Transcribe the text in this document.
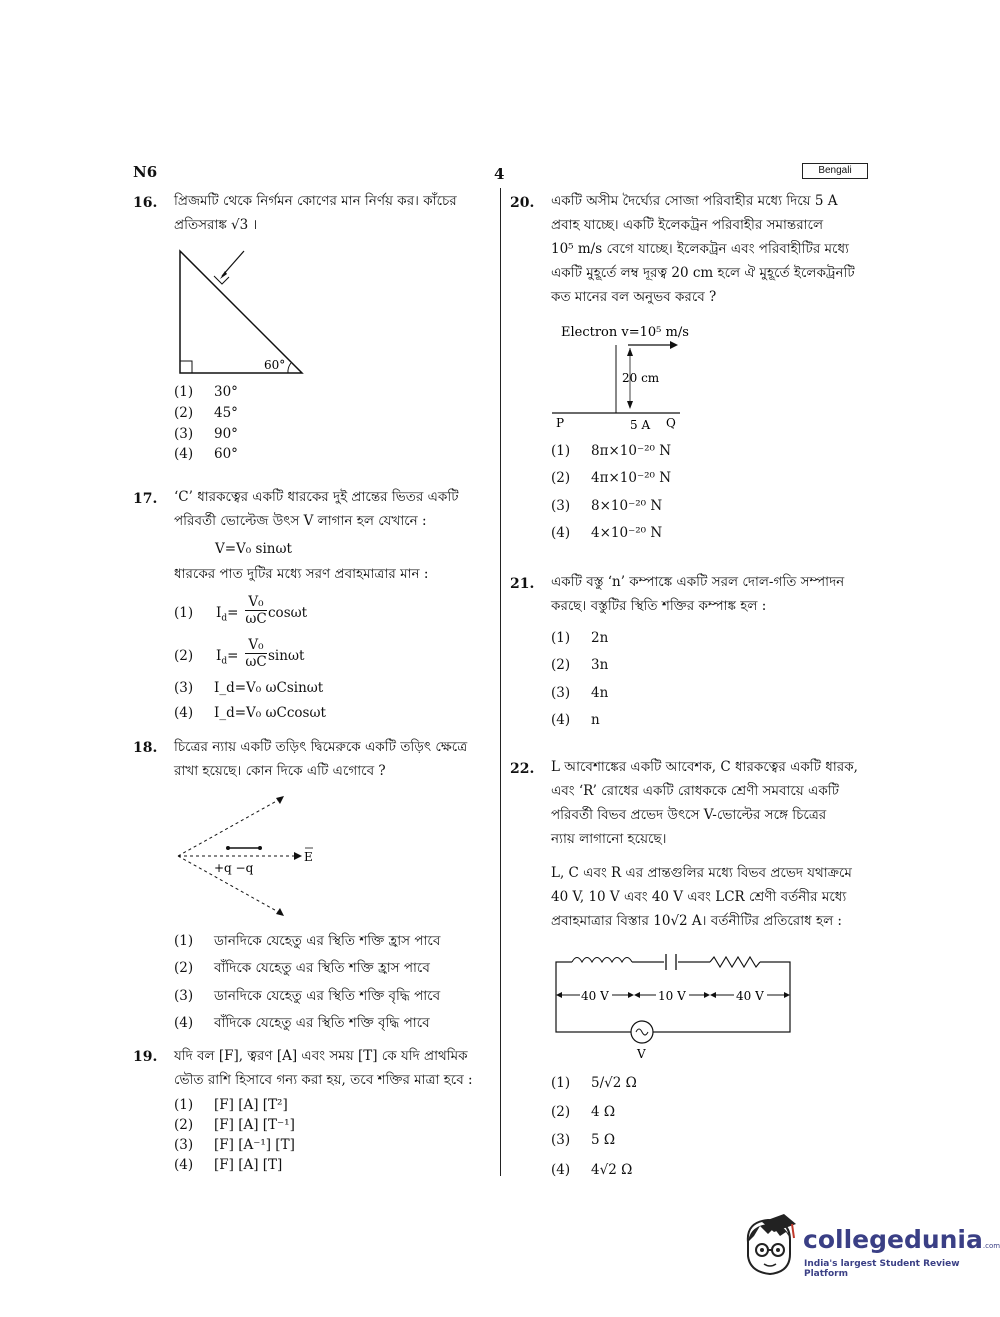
N6	4	Bengali
16. প্রিজমটি থেকে নির্গমন কোণের মান নির্ণয় কর। কাঁচের
প্রতিসরাঙ্ক √3 ।
60°
(1) 30°
(2) 45°
(3) 90°
(4) 60°
17. ‘C’ ধারকত্বের একটি ধারকের দুই প্রান্তের ভিতর একটি
পরিবর্তী ভোল্টেজ উৎস V লাগান হল যেখানে :
V=V₀ sinωt
ধারকের পাত দুটির মধ্যে সরণ প্রবাহমাত্রার মান :
(1) $I_d=$
V₀
ωC cosωt
(2) $I_d=$
V₀
ωC sinωt
(3) I_d=V₀ ωCsinωt
(4) I_d=V₀ ωCcosωt
18. চিত্রের ন্যায় একটি তড়িৎ দ্বিমেরুকে একটি তড়িৎ ক্ষেত্রে
রাখা হয়েছে। কোন দিকে এটি এগোবে ?
+q −q
E
(1) ডানদিকে যেহেতু এর স্থিতি শক্তি হ্রাস পাবে
(2) বাঁদিকে যেহেতু এর স্থিতি শক্তি হ্রাস পাবে
(3) ডানদিকে যেহেতু এর স্থিতি শক্তি বৃদ্ধি পাবে
(4) বাঁদিকে যেহেতু এর স্থিতি শক্তি বৃদ্ধি পাবে
19. যদি বল [F], ত্বরণ [A] এবং সময় [T] কে যদি প্রাথমিক
ভৌত রাশি হিসাবে গন্য করা হয়, তবে শক্তির মাত্রা হবে :
(1) [F] [A] [T²]
(2) [F] [A] [T⁻¹]
(3) [F] [A⁻¹] [T]
(4) [F] [A] [T]
20. একটি অসীম দৈর্ঘ্যের সোজা পরিবাহীর মধ্যে দিয়ে 5 A
প্রবাহ যাচ্ছে। একটি ইলেকট্রন পরিবাহীর সমান্তরালে
10⁵ m/s বেগে যাচ্ছে। ইলেকট্রন এবং পরিবাহীটির মধ্যে
একটি মুহূর্তে লম্ব দূরত্ব 20 cm হলে ঐ মুহূর্তে ইলেকট্রনটি
কত মানের বল অনুভব করবে ?
Electron v=10⁵ m/s
20 cm
P	5 A Q
(1) 8π×10⁻²⁰ N
(2) 4π×10⁻²⁰ N
(3) 8×10⁻²⁰ N
(4) 4×10⁻²⁰ N
21. একটি বস্তু ‘n’ কম্পাঙ্কে একটি সরল দোল-গতি সম্পাদন
করছে। বস্তুটির স্থিতি শক্তির কম্পাঙ্ক হল :
(1) 2n
(2) 3n
(3) 4n
(4) n
22. L আবেশাঙ্কের একটি আবেশক, C ধারকত্বের একটি ধারক,
এবং ‘R’ রোধের একটি রোধককে শ্রেণী সমবায়ে একটি
পরিবর্তী বিভব প্রভেদ উৎসে V-ভোল্টের সঙ্গে চিত্রের
ন্যায় লাগানো হয়েছে।
L, C এবং R এর প্রান্তগুলির মধ্যে বিভব প্রভেদ যথাক্রমে
40 V, 10 V এবং 40 V এবং LCR শ্রেণী বর্তনীর মধ্যে
প্রবাহমাত্রার বিস্তার 10√2 A। বর্তনীটির প্রতিরোধ হল :
40 V	10 V	40 V
V
(1) 5/√2 Ω
(2) 4 Ω
(3) 5 Ω
(4) 4√2 Ω
collegedunia.com
India's largest Student Review Platform
